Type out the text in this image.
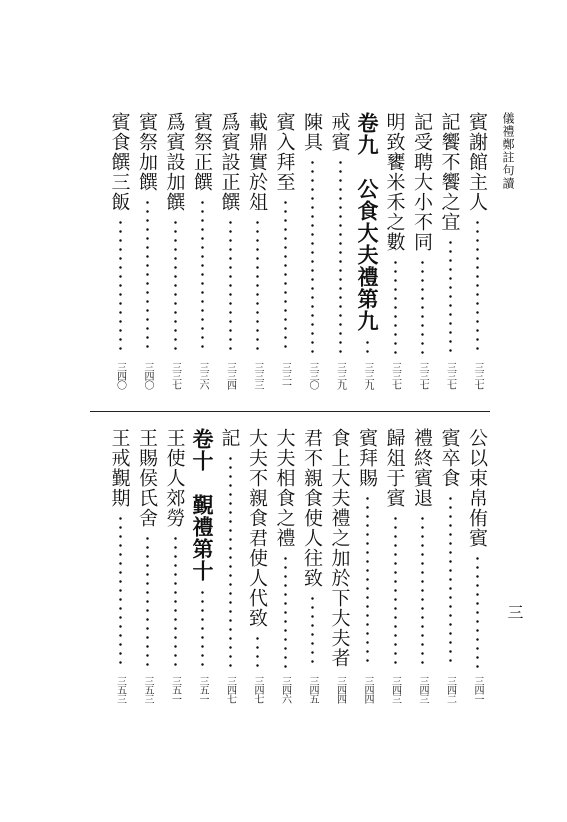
儀禮鄭註句讀
三
賓謝館主人
三三七
記饗不饗之宜
三三七
記受聘大小不同
三三七
明致饔米禾之數
三三七
卷九　公食大夫禮第九
三三九
戒賓
三三九
陳具
三三〇
賓入拜至
三三一
載鼎實於俎
三三三
爲賓設正饌
三三四
賓祭正饌
三三六
爲賓設加饌
三三七
賓祭加饌
三四〇
賓食饌三飯
三四〇
公以束帛侑賓
三四一
賓卒食
三四二
禮終賓退
三四三
歸俎于賓
三四三
賓拜賜
三四四
食上大夫禮之加於下大夫者
三四四
君不親食使人往致
三四五
大夫相食之禮
三四六
大夫不親食君使人代致
三四七
記
三四七
卷十　覲禮第十
三五一
王使人郊勞
三五一
王賜侯氏舍
三五三
王戒覲期
三五三
